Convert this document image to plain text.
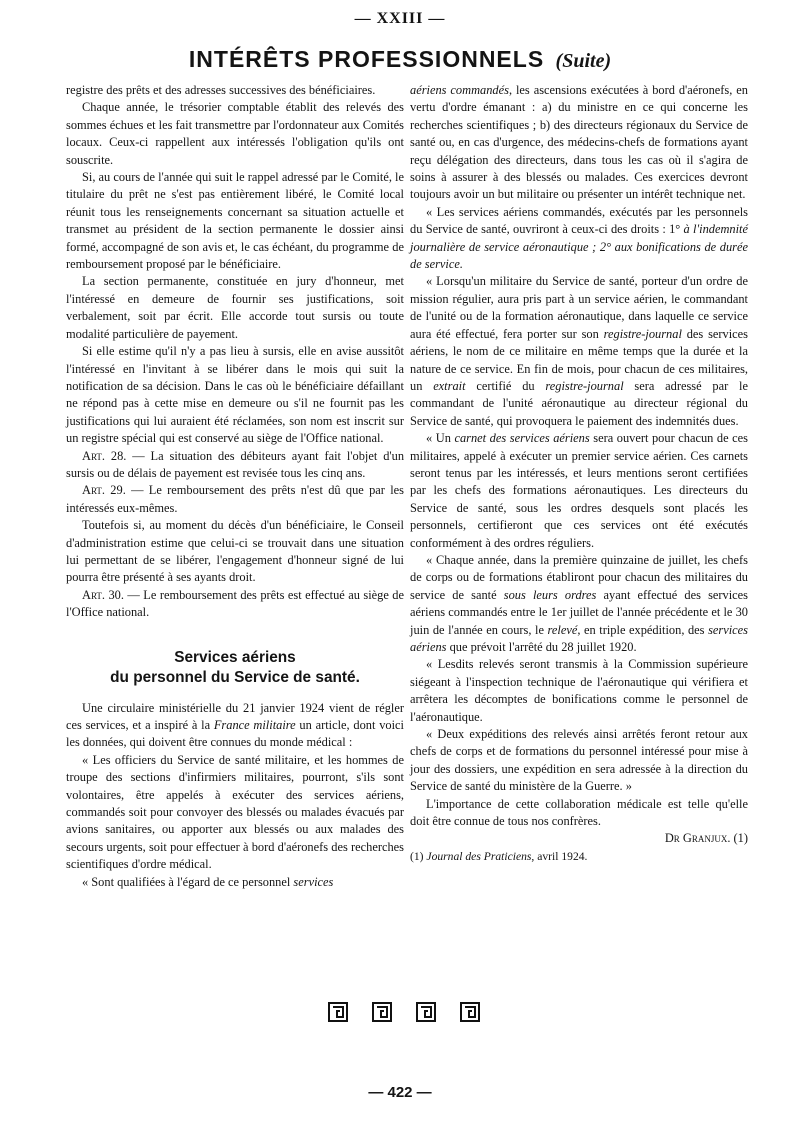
— XXIII —
INTÉRÊTS PROFESSIONNELS (Suite)

registre des prêts et des adresses successives des bénéficiaires.

Chaque année, le trésorier comptable établit des relevés des sommes échues et les fait transmettre par l'ordonnateur aux Comités locaux. Ceux-ci rappellent aux intéressés l'obligation qu'ils ont souscrite.

Si, au cours de l'année qui suit le rappel adressé par le Comité, le titulaire du prêt ne s'est pas entièrement libéré, le Comité local réunit tous les renseignements concernant sa situation actuelle et transmet au président de la section permanente le dossier ainsi formé, accompagné de son avis et, le cas échéant, du programme de remboursement proposé par le bénéficiaire.

La section permanente, constituée en jury d'honneur, met l'intéressé en demeure de fournir ses justifications, soit verbalement, soit par écrit. Elle accorde tout sursis ou toute modalité particulière de payement.

Si elle estime qu'il n'y a pas lieu à sursis, elle en avise aussitôt l'intéressé en l'invitant à se libérer dans le mois qui suit la notification de sa décision. Dans le cas où le bénéficiaire défaillant ne répond pas à cette mise en demeure ou s'il ne fournit pas les justifications qui lui auraient été réclamées, son nom est inscrit sur un registre spécial qui est conservé au siège de l'Office national.

Art. 28. — La situation des débiteurs ayant fait l'objet d'un sursis ou de délais de payement est revisée tous les cinq ans.

Art. 29. — Le remboursement des prêts n'est dû que par les intéressés eux-mêmes.

Toutefois si, au moment du décès d'un bénéficiaire, le Conseil d'administration estime que celui-ci se trouvait dans une situation lui permettant de se libérer, l'engagement d'honneur signé de lui pourra être présenté à ses ayants droit.

Art. 30. — Le remboursement des prêts est effectué au siège de l'Office national.

Services aériens
du personnel du Service de santé.

Une circulaire ministérielle du 21 janvier 1924 vient de régler ces services, et a inspiré à la France militaire un article, dont voici les données, qui doivent être connues du monde médical :

« Les officiers du Service de santé militaire, et les hommes de troupe des sections d'infirmiers militaires, pourront, s'ils sont volontaires, être appelés à exécuter des services aériens, commandés soit pour convoyer des blessés ou malades évacués par avions sanitaires, ou apporter aux blessés ou aux malades des secours urgents, soit pour effectuer à bord d'aéronefs des recherches scientifiques d'ordre médical.

« Sont qualifiées à l'égard de ce personnel services

aériens commandés, les ascensions exécutées à bord d'aéronefs, en vertu d'ordre émanant : a) du ministre en ce qui concerne les recherches scientifiques ; b) des directeurs régionaux du Service de santé ou, en cas d'urgence, des médecins-chefs de formations ayant reçu délégation des directeurs, dans tous les cas où il s'agira de soins à assurer à des blessés ou malades. Ces exercices devront toujours avoir un but militaire ou présenter un intérêt technique net.

« Les services aériens commandés, exécutés par les personnels du Service de santé, ouvriront à ceux-ci des droits : 1° à l'indemnité journalière de service aéronautique ; 2° aux bonifications de durée de service.

« Lorsqu'un militaire du Service de santé, porteur d'un ordre de mission régulier, aura pris part à un service aérien, le commandant de l'unité ou de la formation aéronautique, dans laquelle ce service aura été effectué, fera porter sur son registre-journal des services aériens, le nom de ce militaire en même temps que la durée et la nature de ce service. En fin de mois, pour chacun de ces militaires, un extrait certifié du registre-journal sera adressé par le commandant de l'unité aéronautique au directeur régional du Service de santé, qui provoquera le paiement des indemnités dues.

« Un carnet des services aériens sera ouvert pour chacun de ces militaires, appelé à exécuter un premier service aérien. Ces carnets seront tenus par les intéressés, et leurs mentions seront certifiées par les chefs des formations aéronautiques. Les directeurs du Service de santé, sous les ordres desquels sont placés les personnels, certifieront que ces services ont été exécutés conformément à des ordres réguliers.

« Chaque année, dans la première quinzaine de juillet, les chefs de corps ou de formations établiront pour chacun des militaires du service de santé sous leurs ordres ayant effectué des services aériens commandés entre le 1er juillet de l'année précédente et le 30 juin de l'année en cours, le relevé, en triple expédition, des services aériens que prévoit l'arrêté du 28 juillet 1920.

« Lesdits relevés seront transmis à la Commission supérieure siégeant à l'inspection technique de l'aéronautique qui vérifiera et arrêtera les décomptes de bonifications comme le personnel de l'aéronautique.

« Deux expéditions des relevés ainsi arrêtés feront retour aux chefs de corps et de formations du personnel intéressé pour mise à jour des dossiers, une expédition en sera adressée à la direction du Service de santé du ministère de la Guerre. »

L'importance de cette collaboration médicale est telle qu'elle doit être connue de tous nos confrères.

Dr Granjux. (1)

(1) Journal des Praticiens, avril 1924.

— 422 —
